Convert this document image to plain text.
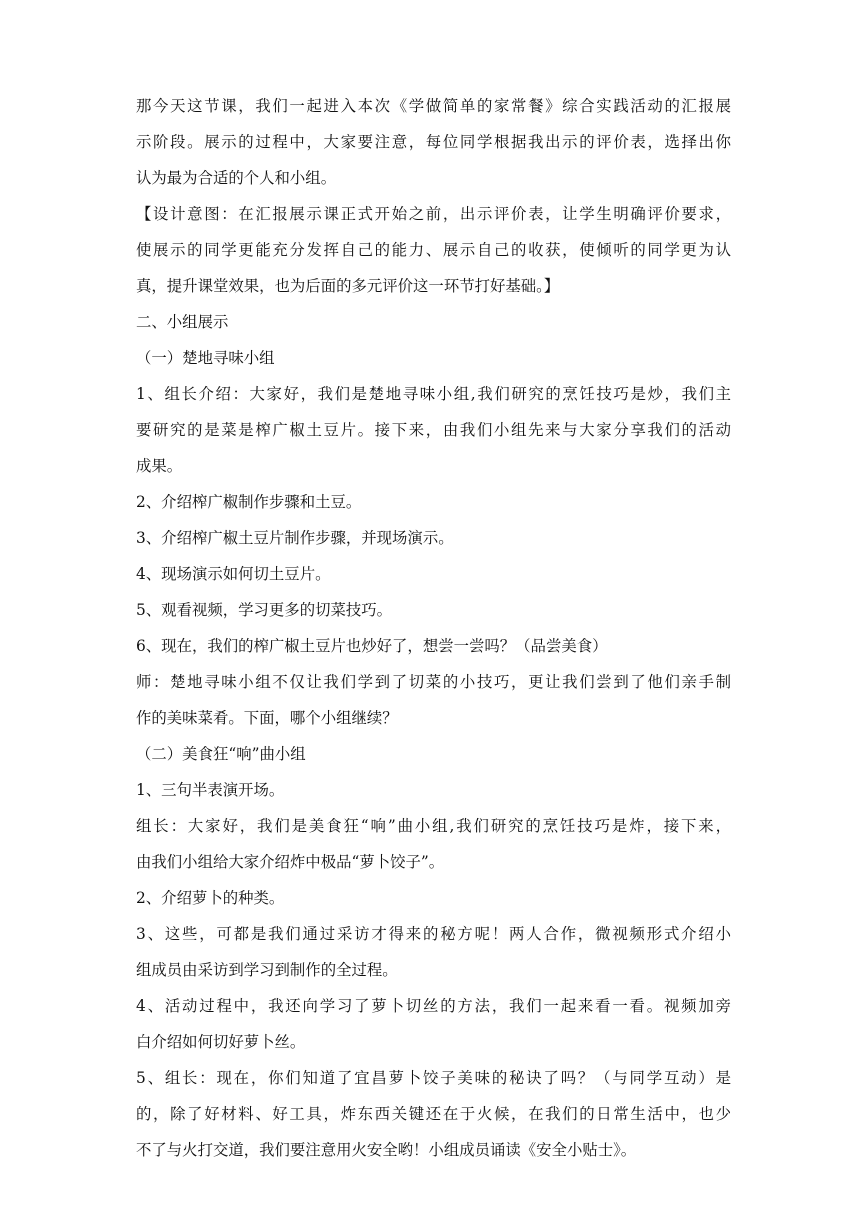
那今天这节课，我们一起进入本次《学做简单的家常餐》综合实践活动的汇报展
示阶段。展示的过程中，大家要注意，每位同学根据我出示的评价表，选择出你
认为最为合适的个人和小组。
【设计意图：在汇报展示课正式开始之前，出示评价表，让学生明确评价要求，
使展示的同学更能充分发挥自己的能力、展示自己的收获，使倾听的同学更为认
真，提升课堂效果，也为后面的多元评价这一环节打好基础。】
二、小组展示
（一）楚地寻味小组
1、组长介绍：大家好，我们是楚地寻味小组,我们研究的烹饪技巧是炒，我们主
要研究的是菜是榨广椒土豆片。接下来，由我们小组先来与大家分享我们的活动
成果。
2、介绍榨广椒制作步骤和土豆。
3、介绍榨广椒土豆片制作步骤，并现场演示。
4、现场演示如何切土豆片。
5、观看视频，学习更多的切菜技巧。
6、现在，我们的榨广椒土豆片也炒好了，想尝一尝吗？（品尝美食）
师：楚地寻味小组不仅让我们学到了切菜的小技巧，更让我们尝到了他们亲手制
作的美味菜肴。下面，哪个小组继续？
（二）美食狂“响”曲小组
1、三句半表演开场。
组长：大家好，我们是美食狂“响”曲小组,我们研究的烹饪技巧是炸，接下来，
由我们小组给大家介绍炸中极品“萝卜饺子”。
2、介绍萝卜的种类。
3、这些，可都是我们通过采访才得来的秘方呢！两人合作，微视频形式介绍小
组成员由采访到学习到制作的全过程。
4、活动过程中，我还向学习了萝卜切丝的方法，我们一起来看一看。视频加旁
白介绍如何切好萝卜丝。
5、组长：现在，你们知道了宜昌萝卜饺子美味的秘诀了吗？（与同学互动）是
的，除了好材料、好工具，炸东西关键还在于火候，在我们的日常生活中，也少
不了与火打交道，我们要注意用火安全哟！小组成员诵读《安全小贴士》。
